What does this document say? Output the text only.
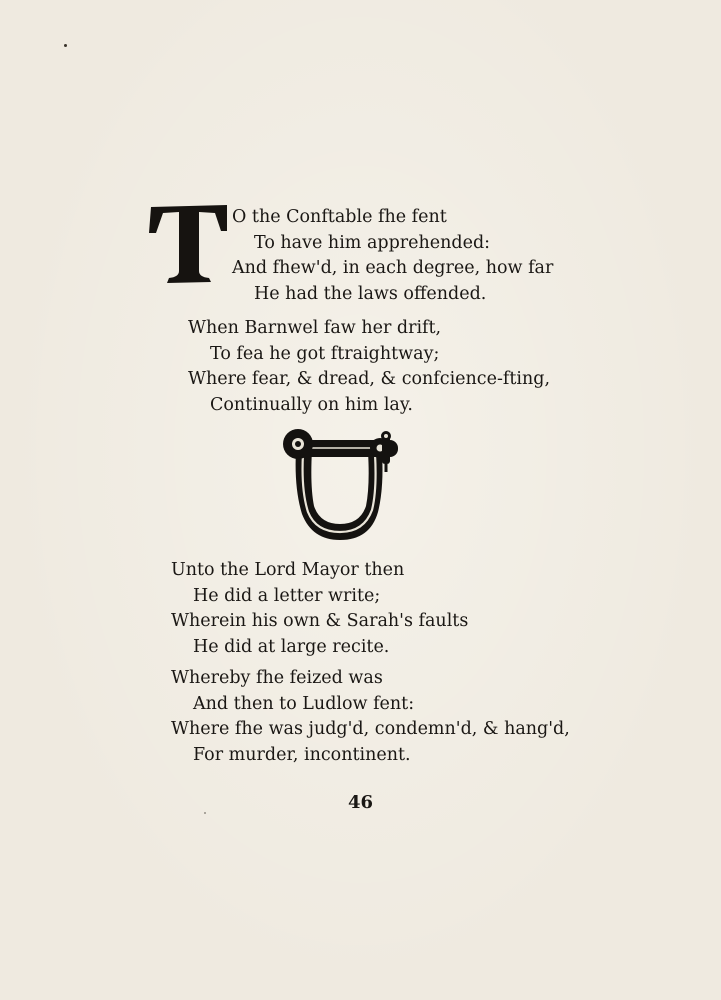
O the Conftable fhe fent
To have him apprehended:
And fhew'd, in each degree, how far
He had the laws offended.
When Barnwel faw her drift,
To fea he got ftraightway;
Where fear, & dread, & confcience-fting,
Continually on him lay.
Unto the Lord Mayor then
He did a letter write;
Wherein his own & Sarah's faults
He did at large recite.
Whereby fhe feized was
And then to Ludlow fent:
Where fhe was judg'd, condemn'd, & hang'd,
For murder, incontinent.
46
